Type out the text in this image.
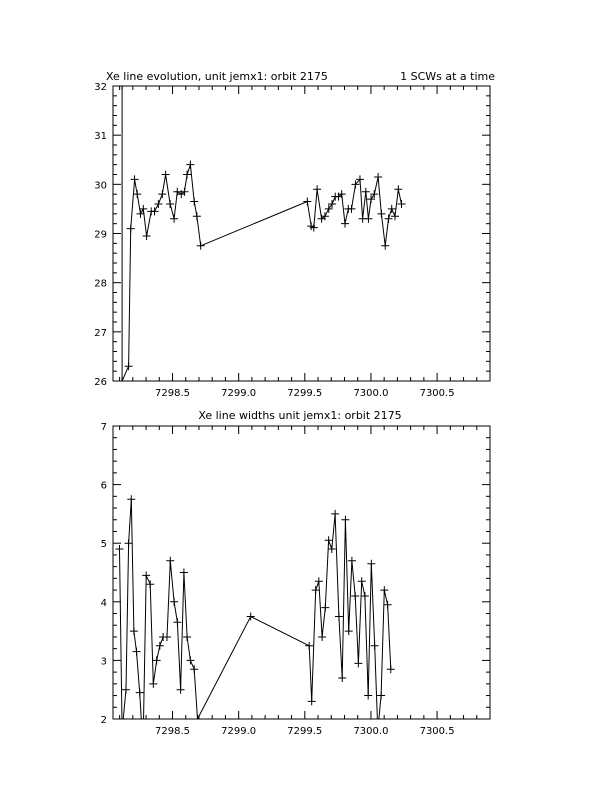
Xe line evolution, unit jemx1: orbit 2175	1 SCWs at a time
7298.5	7299.0	7299.5	7300.0	7300.5
26
27
28
29
30
31
32
Xe line widths unit jemx1: orbit 2175
7298.5	7299.0	7299.5	7300.0	7300.5
2
3
4
5
6
7
